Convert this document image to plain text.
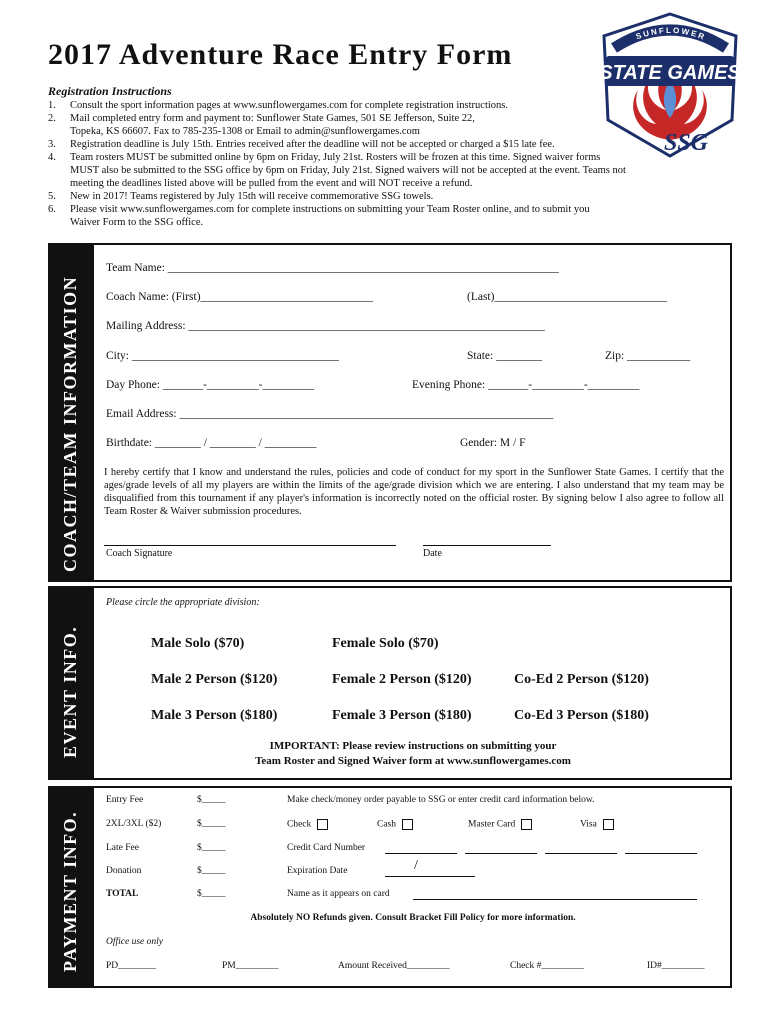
2017 Adventure Race Entry Form
SUNFLOWER
STATE GAMES
SSG
Registration Instructions
1. Consult the sport information pages at www.sunflowergames.com for complete registration instructions.
2. Mail completed entry form and payment to: Sunflower State Games, 501 SE Jefferson, Suite 22,
Topeka, KS 66607. Fax to 785-235-1308 or Email to admin@sunflowergames.com
3. Registration deadline is July 15th. Entries received after the deadline will not be accepted or charged a $15 late fee.
4. Team rosters MUST be submitted online by 6pm on Friday, July 21st. Rosters will be frozen at this time. Signed waiver forms
MUST also be submitted to the SSG office by 6pm on Friday, July 21st. Signed waivers will not be accepted at the event. Teams not
meeting the deadlines listed above will be pulled from the event and will NOT receive a refund.
5. New in 2017! Teams registered by July 15th will receive commemorative SSG towels.
6. Please visit www.sunflowergames.com for complete instructions on submitting your Team Roster online, and to submit you
Waiver Form to the SSG office.
COACH/TEAM INFORMATION
Team Name: ____________________________________________________________________
Coach Name: (First)______________________________	(Last)______________________________
Mailing Address: ______________________________________________________________
City: ____________________________________	State: ________	Zip: ___________
Day Phone: _______-_________-_________	Evening Phone: _______-_________-_________
Email Address: _________________________________________________________________
Birthdate: ________ / ________ / _________	Gender: M / F
I hereby certify that I know and understand the rules, policies and code of conduct for my sport in the Sunflower State Games. I certify that the ages/grade levels of all my players are within the limits of the age/grade division which we are entering. I also understand that my team may be disqualified from this tournament if any player's information is incorrectly noted on the official roster. By signing below I also agree to follow all Team Roster & Waiver submission procedures.
Coach Signature	Date
EVENT INFO.
Please circle the appropriate division:
Male Solo ($70)	Female Solo ($70)
Male 2 Person ($120)	Female 2 Person ($120)	Co-Ed 2 Person ($120)
Male 3 Person ($180)	Female 3 Person ($180)	Co-Ed 3 Person ($180)
IMPORTANT: Please review instructions on submitting your
Team Roster and Signed Waiver form at www.sunflowergames.com
PAYMENT INFO.
Entry Fee	$_____
2XL/3XL ($2)	$_____
Late Fee	$_____
Donation	$_____
TOTAL	$_____
Make check/money order payable to SSG or enter credit card information below.
Check	Cash	Master Card	Visa
Credit Card Number
Expiration Date	/
Name as it appears on card
Absolutely NO Refunds given. Consult Bracket Fill Policy for more information.
Office use only
PD________	PM_________	Amount Received_________	Check #_________	ID#_________
